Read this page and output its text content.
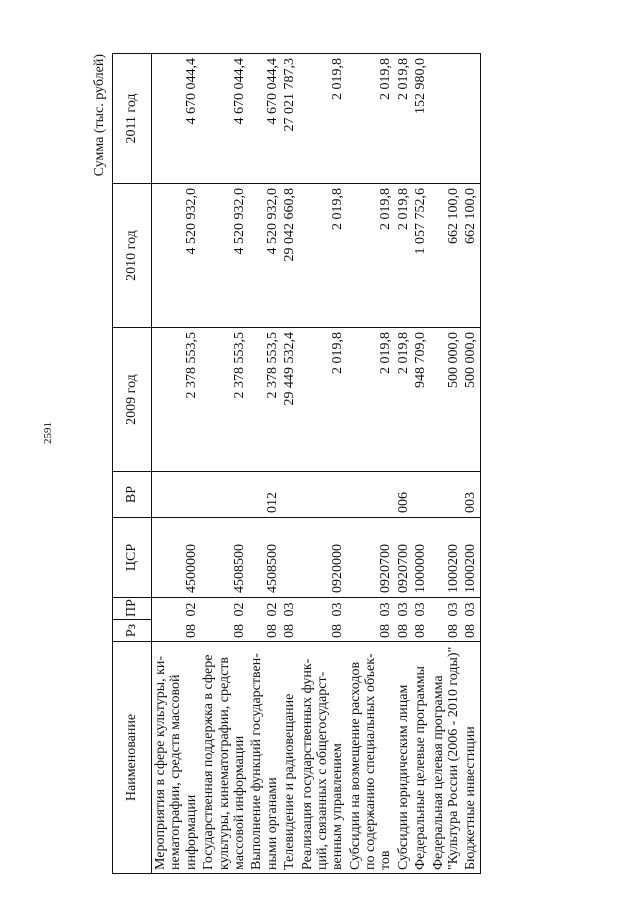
2591
Сумма (тыс. рублей)
Наименование	Рз	ПР	ЦСР	ВР	2009 год	2010 год	2011 год
Мероприятия в сфере культуры, кинематографии, средств массовой информации	08	02	4500000		2 378 553,5	4 520 932,0	4 670 044,4
Государственная поддержка в сфере культуры, кинематографии, средств массовой информации	08	02	4508500		2 378 553,5	4 520 932,0	4 670 044,4
Выполнение функций государственными органами	08	02	4508500	012	2 378 553,5	4 520 932,0	4 670 044,4
Телевидение и радиовещание	08	03			29 449 532,4	29 042 660,8	27 021 787,3
Реализация государственных функций, связанных с общегосударственным управлением	08	03	0920000		2 019,8	2 019,8	2 019,8
Субсидии на возмещение расходов по содержанию специальных объектов	08	03	0920700		2 019,8	2 019,8	2 019,8
Субсидии юридическим лицам	08	03	0920700	006	2 019,8	2 019,8	2 019,8
Федеральные целевые программы	08	03	1000000		948 709,0	1 057 752,6	152 980,0
Федеральная целевая программа "Культура России (2006 - 2010 годы)"	08	03	1000200		500 000,0	662 100,0	
Бюджетные инвестиции	08	03	1000200	003	500 000,0	662 100,0	
